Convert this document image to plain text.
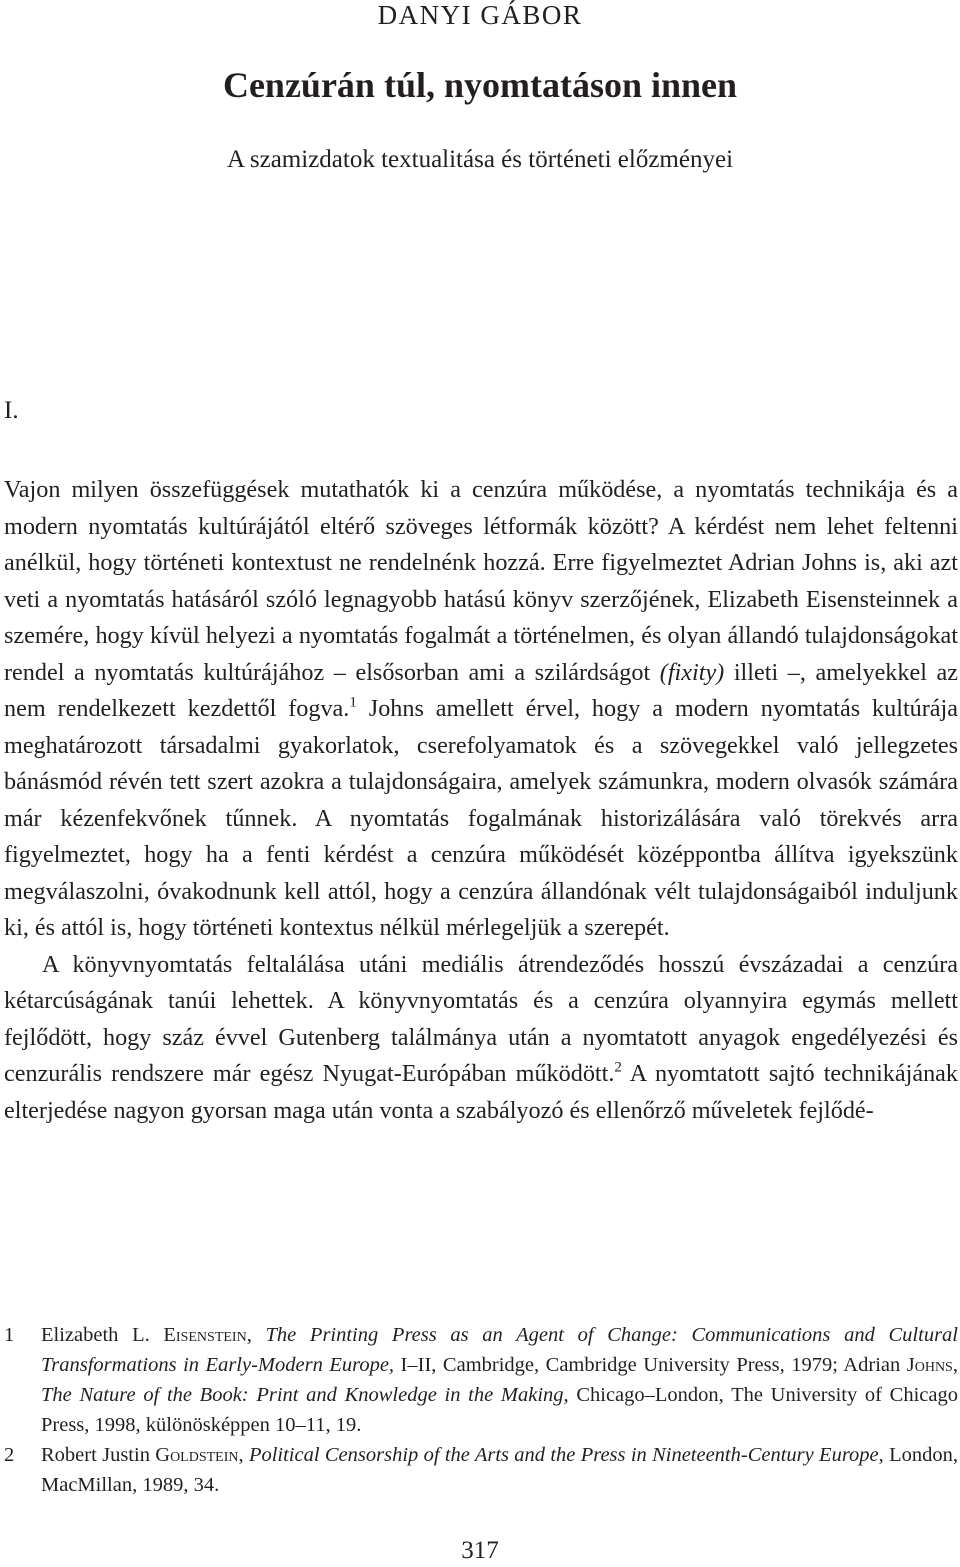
DANYI GÁBOR
Cenzúrán túl, nyomtatáson innen
A szamizdatok textualitása és történeti előzményei
I.

Vajon milyen összefüggések mutathatók ki a cenzúra működése, a nyomtatás technikája és a modern nyomtatás kultúrájától eltérő szöveges létformák között? A kérdést nem lehet feltenni anélkül, hogy történeti kontextust ne rendelnénk hozzá. Erre figyelmeztet Adrian Johns is, aki azt veti a nyomtatás hatásáról szóló legnagyobb hatású könyv szerzőjének, Elizabeth Eisensteinnek a szemére, hogy kívül helyezi a nyomtatás fogalmát a történelmen, és olyan állandó tulajdonságokat rendel a nyomtatás kultúrájához – elsősorban ami a szilárdságot (fixity) illeti –, amelyekkel az nem rendelkezett kezdettől fogva.$^1$ Johns amellett érvel, hogy a modern nyomtatás kultúrája meghatározott társadalmi gyakorlatok, cserefolyamatok és a szövegekkel való jellegzetes bánásmód révén tett szert azokra a tulajdonságaira, amelyek számunkra, modern olvasók számára már kézenfekvőnek tűnnek. A nyomtatás fogalmának historizálására való törekvés arra figyelmeztet, hogy ha a fenti kérdést a cenzúra működését középpontba állítva igyekszünk megválaszolni, óvakodnunk kell attól, hogy a cenzúra állandónak vélt tulajdonságaiból induljunk ki, és attól is, hogy történeti kontextus nélkül mérlegeljük a szerepét.

A könyvnyomtatás feltalálása utáni mediális átrendeződés hosszú évszázadai a cenzúra kétarcúságának tanúi lehettek. A könyvnyomtatás és a cenzúra olyannyira egymás mellett fejlődött, hogy száz évvel Gutenberg találmánya után a nyomtatott anyagok engedélyezési és cenzurális rendszere már egész Nyugat-Európában működött.$^2$ A nyomtatott sajtó technikájának elterjedése nagyon gyorsan maga után vonta a szabályozó és ellenőrző műveletek fejlődé-

1	Elizabeth L. Eisenstein, The Printing Press as an Agent of Change: Communications and Cultural Transformations in Early-Modern Europe, I–II, Cambridge, Cambridge University Press, 1979; Adrian Johns, The Nature of the Book: Print and Knowledge in the Making, Chicago–London, The University of Chicago Press, 1998, különösképpen 10–11, 19.
2	Robert Justin Goldstein, Political Censorship of the Arts and the Press in Nineteenth-Century Europe, London, MacMillan, 1989, 34.
317
